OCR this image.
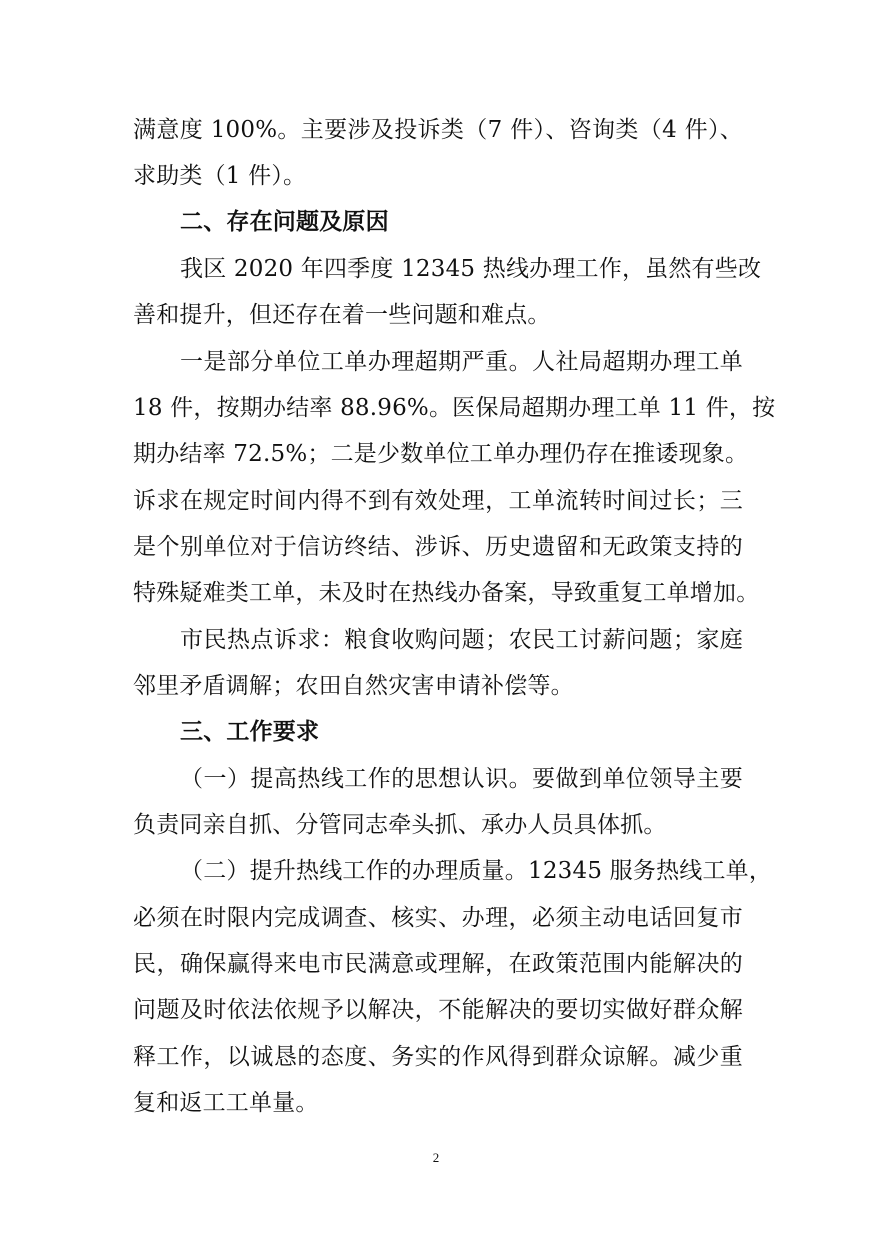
满意度 100%。主要涉及投诉类（7 件）、咨询类（4 件）、
求助类（1 件）。
二、存在问题及原因
我区 2020 年四季度 12345 热线办理工作，虽然有些改
善和提升，但还存在着一些问题和难点。
一是部分单位工单办理超期严重。人社局超期办理工单
18 件，按期办结率 88.96%。医保局超期办理工单 11 件，按
期办结率 72.5%；二是少数单位工单办理仍存在推诿现象。
诉求在规定时间内得不到有效处理，工单流转时间过长；三
是个别单位对于信访终结、涉诉、历史遗留和无政策支持的
特殊疑难类工单，未及时在热线办备案，导致重复工单增加。
市民热点诉求：粮食收购问题；农民工讨薪问题；家庭
邻里矛盾调解；农田自然灾害申请补偿等。
三、工作要求
（一）提高热线工作的思想认识。要做到单位领导主要
负责同亲自抓、分管同志牵头抓、承办人员具体抓。
（二）提升热线工作的办理质量。12345 服务热线工单，
必须在时限内完成调查、核实、办理，必须主动电话回复市
民，确保赢得来电市民满意或理解，在政策范围内能解决的
问题及时依法依规予以解决，不能解决的要切实做好群众解
释工作，以诚恳的态度、务实的作风得到群众谅解。减少重
复和返工工单量。
2
